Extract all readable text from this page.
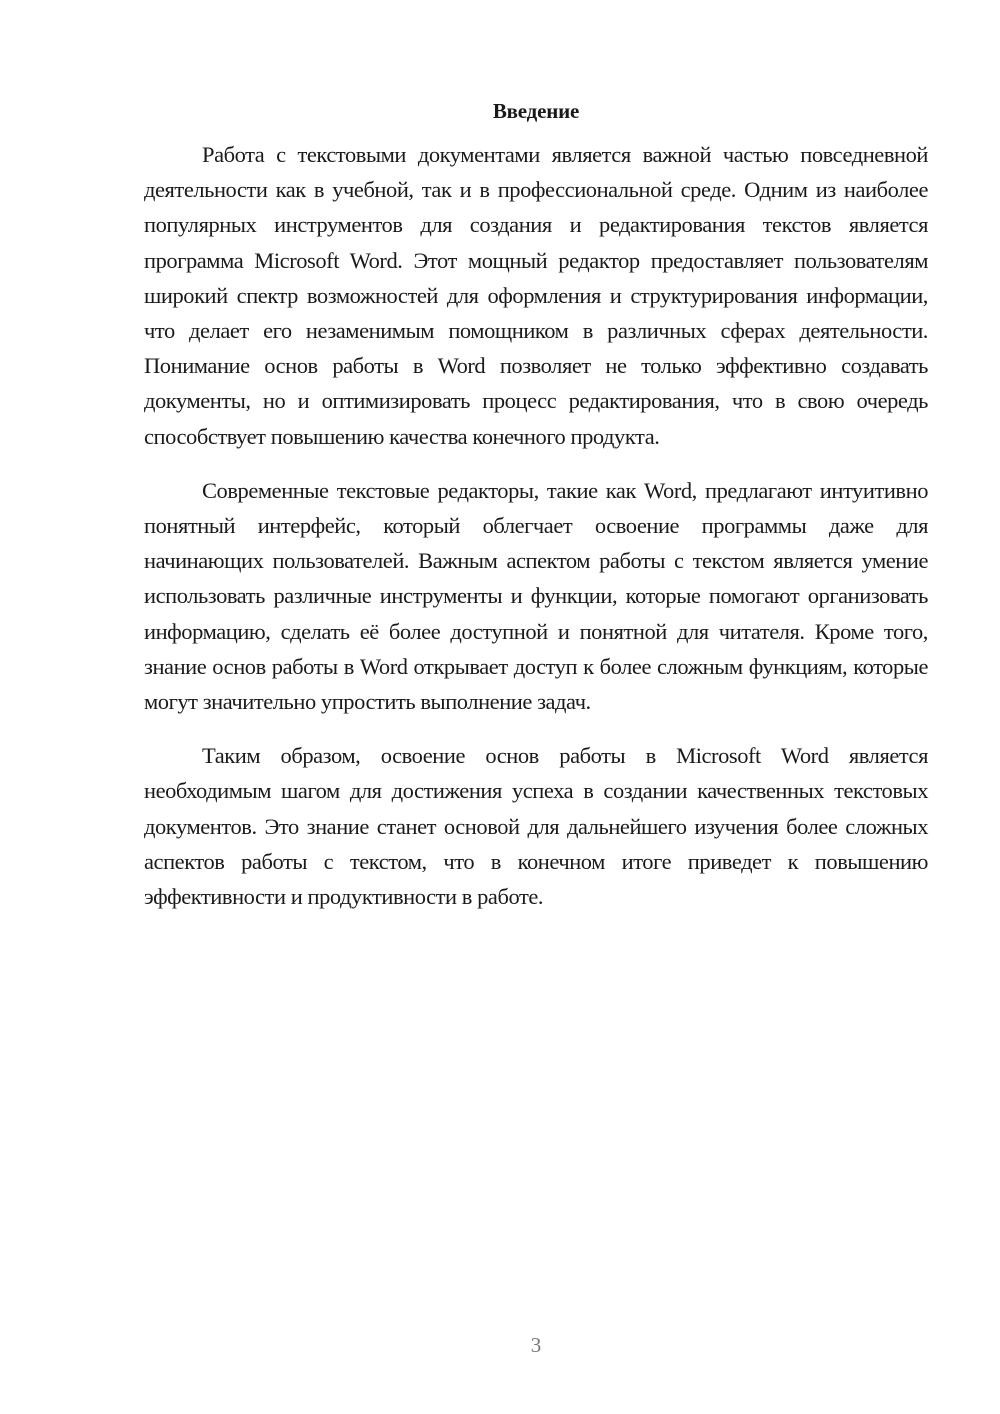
Введение

Работа с текстовыми документами является важной частью повседневной деятельности как в учебной, так и в профессиональной среде. Одним из наиболее популярных инструментов для создания и редактирования текстов является программа Microsoft Word. Этот мощный редактор предоставляет пользователям широкий спектр возможностей для оформления и структурирования информации, что делает его незаменимым помощником в различных сферах деятельности. Понимание основ работы в Word позволяет не только эффективно создавать документы, но и оптимизировать процесс редактирования, что в свою очередь способствует повышению качества конечного продукта.

Современные текстовые редакторы, такие как Word, предлагают интуитивно понятный интерфейс, который облегчает освоение программы даже для начинающих пользователей. Важным аспектом работы с текстом является умение использовать различные инструменты и функции, которые помогают организовать информацию, сделать её более доступной и понятной для читателя. Кроме того, знание основ работы в Word открывает доступ к более сложным функциям, которые могут значительно упростить выполнение задач.

Таким образом, освоение основ работы в Microsoft Word является необходимым шагом для достижения успеха в создании качественных текстовых документов. Это знание станет основой для дальнейшего изучения более сложных аспектов работы с текстом, что в конечном итоге приведет к повышению эффективности и продуктивности в работе.

3
